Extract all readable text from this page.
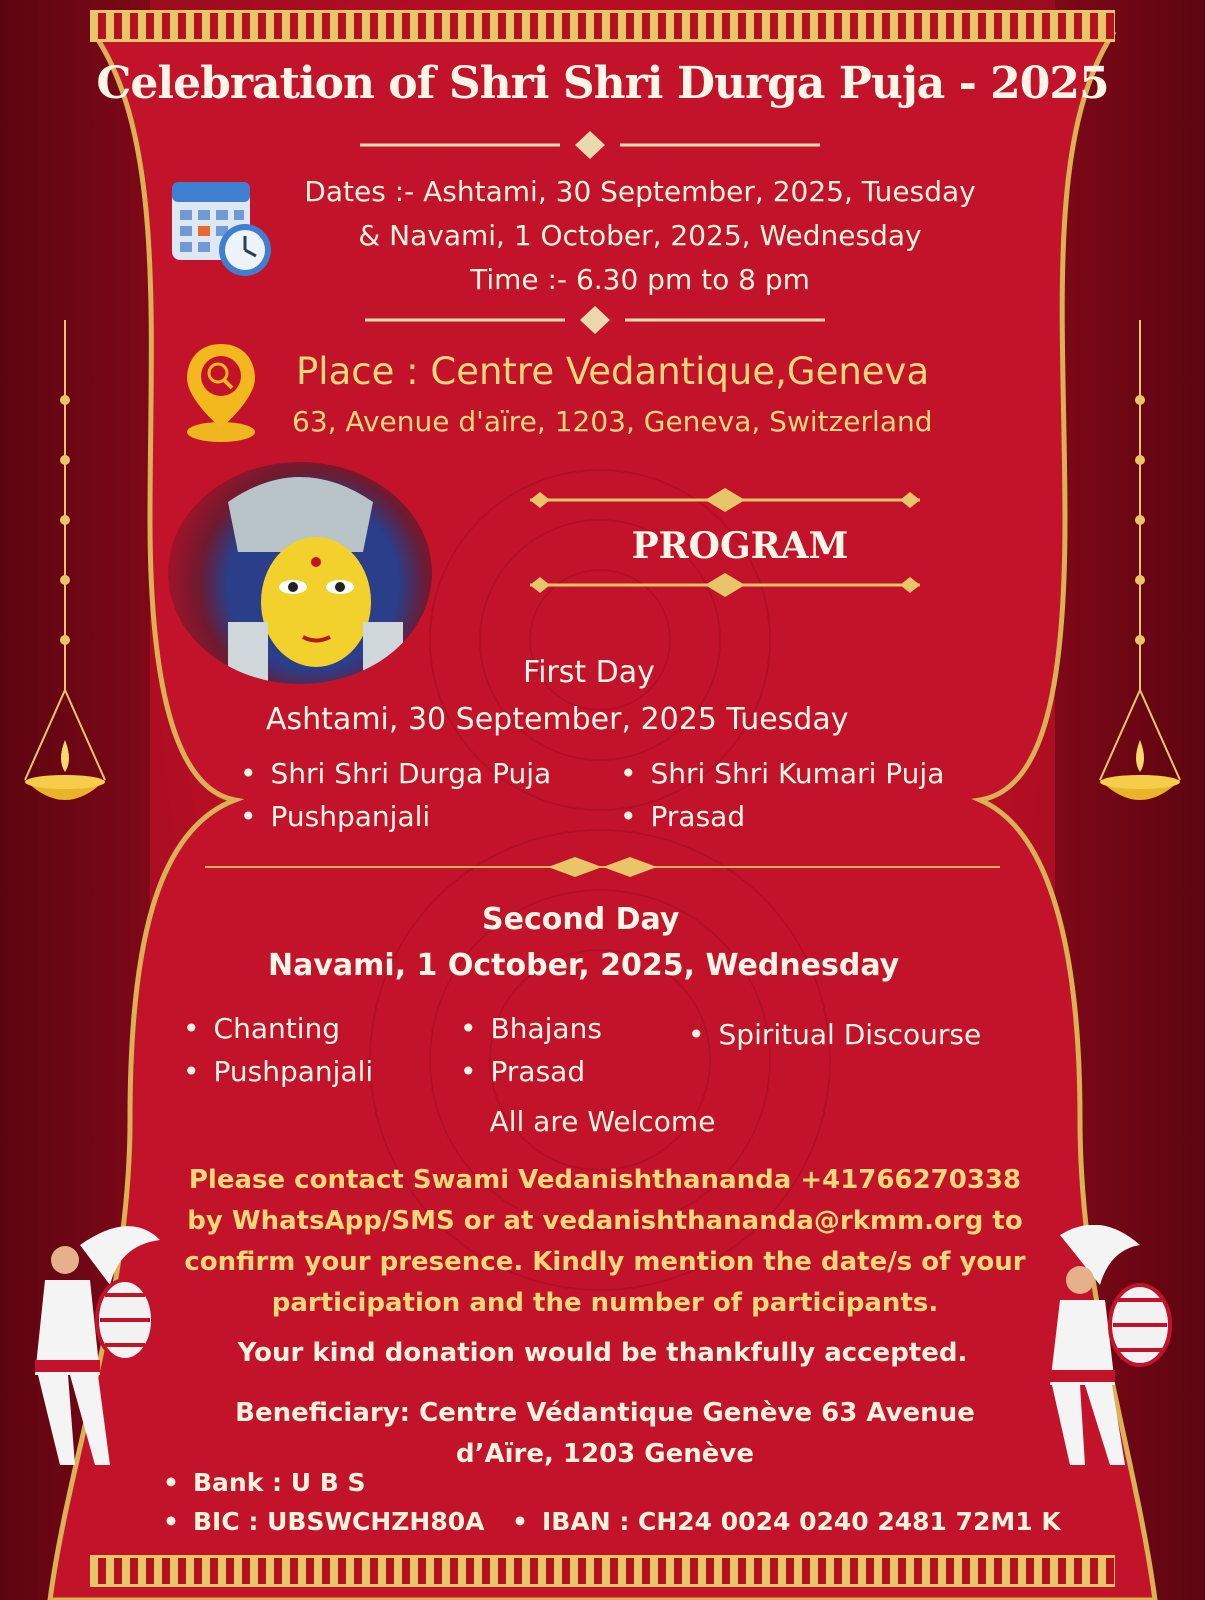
Celebration of Shri Shri Durga Puja - 2025
Dates :- Ashtami, 30 September, 2025, Tuesday
& Navami, 1 October, 2025, Wednesday
Time :- 6.30 pm to 8 pm
Place : Centre Vedantique,Geneva
63, Avenue d'aïre, 1203, Geneva, Switzerland
PROGRAM
First Day
Ashtami, 30 September, 2025 Tuesday
• Shri Shri Durga Puja	• Shri Shri Kumari Puja
• Pushpanjali	• Prasad
Second Day
Navami, 1 October, 2025, Wednesday
• Chanting	• Bhajans	• Spiritual Discourse
• Pushpanjali	• Prasad
All are Welcome
Please contact Swami Vedanishthananda +41766270338
by WhatsApp/SMS or at vedanishthananda@rkmm.org to
confirm your presence. Kindly mention the date/s of your
participation and the number of participants.
Your kind donation would be thankfully accepted.
Beneficiary: Centre Védantique Genève 63 Avenue
d’Aïre, 1203 Genève
• Bank : U B S
• BIC : UBSWCHZH80A	• IBAN : CH24 0024 0240 2481 72M1 K
